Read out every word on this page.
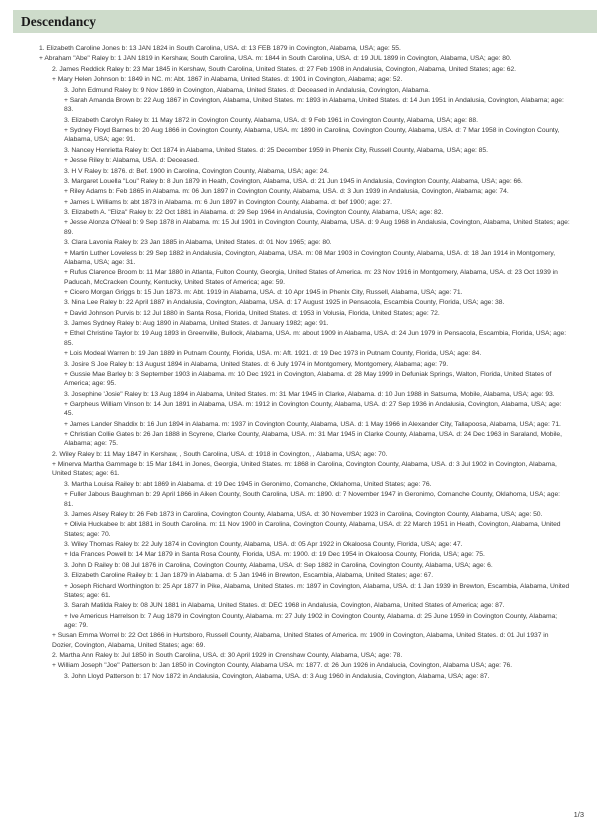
Descendancy
1. Elizabeth Caroline Jones b: 13 JAN 1824 in South Carolina, USA. d: 13 FEB 1879 in Covington, Alabama, USA; age: 55.
+ Abraham "Abe" Raley b: 1 JAN 1819 in Kershaw, South Carolina, USA. m: 1844 in South Carolina, USA. d: 19 JUL 1899 in Covington, Alabama, USA; age: 80.
2. James Reddick Raley b: 23 Mar 1845 in Kershaw, South Carolina, United States. d: 27 Feb 1908 in Andalusia, Covington, Alabama, United States; age: 62.
+ Mary Helen Johnson b: 1849 in NC. m: Abt. 1867 in Alabama, United States. d: 1901 in Covington, Alabama; age: 52.
3. John Edmund Raley b: 9 Nov 1869 in Covington, Alabama, United States. d: Deceased in Andalusia, Covington, Alabama.
+ Sarah Amanda Brown b: 22 Aug 1867 in Covington, Alabama, United States. m: 1893 in Alabama, United States. d: 14 Jun 1951 in Andalusia, Covington, Alabama; age: 83.
3. Elizabeth Carolyn Raley b: 11 May 1872 in Covington County, Alabama, USA. d: 9 Feb 1961 in Covington County, Alabama, USA; age: 88.
+ Sydney Floyd Barnes b: 20 Aug 1866 in Covington County, Alabama, USA. m: 1890 in Carolina, Covington County, Alabama, USA. d: 7 Mar 1958 in Covington County, Alabama, USA; age: 91.
3. Nancey Henrietta Raley b: Oct 1874 in Alabama, United States. d: 25 December 1959 in Phenix City, Russell County, Alabama, USA; age: 85.
+ Jesse Riley b: Alabama, USA. d: Deceased.
3. H V Raley b: 1876. d: Bef. 1900 in Carolina, Covington County, Alabama, USA; age: 24.
3. Margaret Louella "Lou" Raley b: 8 Jun 1879 in Heath, Covington, Alabama, USA. d: 21 Jun 1945 in Andalusia, Covington County, Alabama, USA; age: 66.
+ Riley Adams b: Feb 1865 in Alabama. m: 06 Jun 1897 in Covington County, Alabama, USA. d: 3 Jun 1939 in Andalusia, Covington, Alabama; age: 74.
+ James L Williams b: abt 1873 in Alabama. m: 6 Jun 1897 in Covington County, Alabama. d: bef 1900; age: 27.
3. Elizabeth A. "Eliza" Raley b: 22 Oct 1881 in Alabama. d: 29 Sep 1964 in Andalusia, Covington County, Alabama, USA; age: 82.
+ Jesse Alonza O'Neal b: 9 Sep 1878 in Alabama. m: 15 Jul 1901 in Covington County, Alabama, USA. d: 9 Aug 1968 in Andalusia, Covington, Alabama, United States; age: 89.
3. Clara Lavonia Raley b: 23 Jan 1885 in Alabama, United States. d: 01 Nov 1965; age: 80.
+ Martin Luther Loveless b: 29 Sep 1882 in Andalusia, Covington, Alabama, USA. m: 08 Mar 1903 in Covington County, Alabama, USA. d: 18 Jan 1914 in Montgomery, Alabama, USA; age: 31.
+ Rufus Clarence Broom b: 11 Mar 1880 in Atlanta, Fulton County, Georgia, United States of America. m: 23 Nov 1916 in Montgomery, Alabama, USA. d: 23 Oct 1939 in Paducah, McCracken County, Kentucky, United States of America; age: 59.
+ Cicero Morgan Griggs b: 15 Jun 1873. m: Abt. 1919 in Alabama, USA. d: 10 Apr 1945 in Phenix City, Russell, Alabama, USA; age: 71.
3. Nina Lee Raley b: 22 April 1887 in Andalusia, Covington, Alabama, USA. d: 17 August 1925 in Pensacola, Escambia County, Florida, USA; age: 38.
+ David Johnson Purvis b: 12 Jul 1880 in Santa Rosa, Florida, United States. d: 1953 in Volusia, Florida, United States; age: 72.
3. James Sydney Raley b: Aug 1890 in Alabama, United States. d: January 1982; age: 91.
+ Ethel Christine Taylor b: 19 Aug 1893 in Greenville, Bullock, Alabama, USA. m: about 1909 in Alabama, USA. d: 24 Jun 1979 in Pensacola, Escambia, Florida, USA; age: 85.
+ Lois Modeal Warren b: 19 Jan 1889 in Putnam County, Florida, USA. m: Aft. 1921. d: 19 Dec 1973 in Putnam County, Florida, USA; age: 84.
3. Josire S Joe Raley b: 13 August 1894 in Alabama, United States. d: 6 July 1974 in Montgomery, Montgomery, Alabama; age: 79.
+ Gussie Mae Barley b: 3 September 1903 in Alabama. m: 10 Dec 1921 in Covington, Alabama. d: 28 May 1999 in Defuniak Springs, Walton, Florida, United States of America; age: 95.
3. Josephine 'Josie" Raley b: 13 Aug 1894 in Alabama, United States. m: 31 Mar 1945 in Clarke, Alabama. d: 10 Jun 1988 in Satsuma, Mobile, Alabama, USA; age: 93.
+ Garpheus William Vinson b: 14 Jun 1891 in Alabama, USA. m: 1912 in Covington County, Alabama, USA. d: 27 Sep 1936 in Andalusia, Covington, Alabama, USA; age: 45.
+ James Lander Shaddix b: 16 Jun 1894 in Alabama. m: 1937 in Covington County, Alabama, USA. d: 1 May 1966 in Alexander City, Tallapoosa, Alabama, USA; age: 71.
+ Christian Collie Gates b: 26 Jan 1888 in Scyrene, Clarke County, Alabama, USA. m: 31 Mar 1945 in Clarke County, Alabama, USA. d: 24 Dec 1963 in Saraland, Mobile, Alabama; age: 75.
2. Wiley Raley b: 11 May 1847 in Kershaw, , South Carolina, USA. d: 1918 in Covington, , Alabama, USA; age: 70.
+ Minerva Martha Gammage b: 15 Mar 1841 in Jones, Georgia, United States. m: 1868 in Carolina, Covington County, Alabama, USA. d: 3 Jul 1902 in Covington, Alabama, United States; age: 61.
3. Martha Louisa Railey b: abt 1869 in Alabama. d: 19 Dec 1945 in Geronimo, Comanche, Oklahoma, United States; age: 76.
+ Fuller Jabous Baughman b: 29 April 1866 in Aiken County, South Carolina, USA. m: 1890. d: 7 November 1947 in Geronimo, Comanche County, Oklahoma, USA; age: 81.
3. James Alsey Raley b: 26 Feb 1873 in Carolina, Covington County, Alabama, USA. d: 30 November 1923 in Carolina, Covington County, Alabama, USA; age: 50.
+ Olivia Huckabee b: abt 1881 in South Carolina. m: 11 Nov 1900 in Carolina, Covington County, Alabama, USA. d: 22 March 1951 in Heath, Covington, Alabama, United States; age: 70.
3. Wiley Thomas Raley b: 22 July 1874 in Covington County, Alabama, USA. d: 05 Apr 1922 in Okaloosa County, Florida, USA; age: 47.
+ Ida Frances Powell b: 14 Mar 1879 in Santa Rosa County, Florida, USA. m: 1900. d: 19 Dec 1954 in Okaloosa County, Florida, USA; age: 75.
3. John D Railey b: 08 Jul 1876 in Carolina, Covington County, Alabama, USA. d: Sep 1882 in Carolina, Covington County, Alabama, USA; age: 6.
3. Elizabeth Caroline Railey b: 1 Jan 1879 in Alabama. d: 5 Jan 1946 in Brewton, Escambia, Alabama, United States; age: 67.
+ Joseph Richard Worthington b: 25 Apr 1877 in Pike, Alabama, United States. m: 1897 in Covington, Alabama, USA. d: 1 Jan 1939 in Brewton, Escambia, Alabama, United States; age: 61.
3. Sarah Matilda Raley b: 08 JUN 1881 in Alabama, United States. d: DEC 1968 in Andalusia, Covington, Alabama, United States of America; age: 87.
+ Ive Americus Harrelson b: 7 Aug 1879 in Covington County, Alabama. m: 27 July 1902 in Covington County, Alabama. d: 25 June 1959 in Covington County, Alabama; age: 79.
+ Susan Emma Worrel b: 22 Oct 1866 in Hurtsboro, Russell County, Alabama, United States of America. m: 1909 in Covington, Alabama, United States. d: 01 Jul 1937 in Dozier, Covington, Alabama, United States; age: 69.
2. Martha Ann Raley b: Jul 1850 in South Carolina, USA. d: 30 April 1929 in Crenshaw County, Alabama, USA; age: 78.
+ William Joseph "Joe" Patterson b: Jan 1850 in Covington County, Alabama USA. m: 1877. d: 26 Jun 1926 in Andalucia, Covington, Alabama USA; age: 76.
3. John Lloyd Patterson b: 17 Nov 1872 in Andalusia, Covington, Alabama, USA. d: 3 Aug 1960 in Andalusia, Covington, Alabama, USA; age: 87.
1/3
